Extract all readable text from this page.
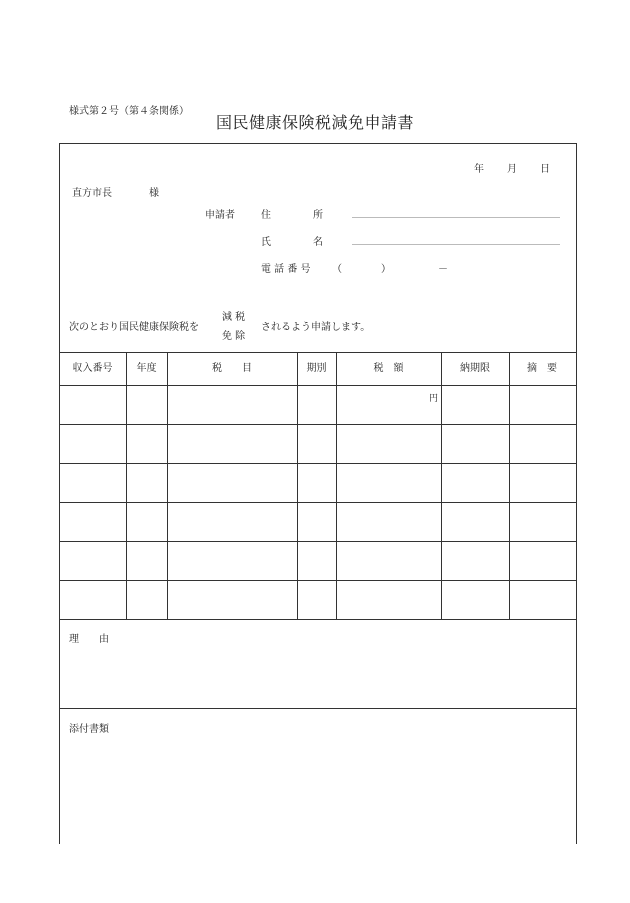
様式第２号（第４条関係）
国民健康保険税減免申請書
年 月 日
直方市長	様
申請者	住	所
氏	名
電 話 番 号 （	）	－
次のとおり国民健康保険税を
減 税
免 除
されるよう申請します。
収入番号	年度	税　　目	期別	税　額	納期限	摘　要
円
理　　由
添付書類
